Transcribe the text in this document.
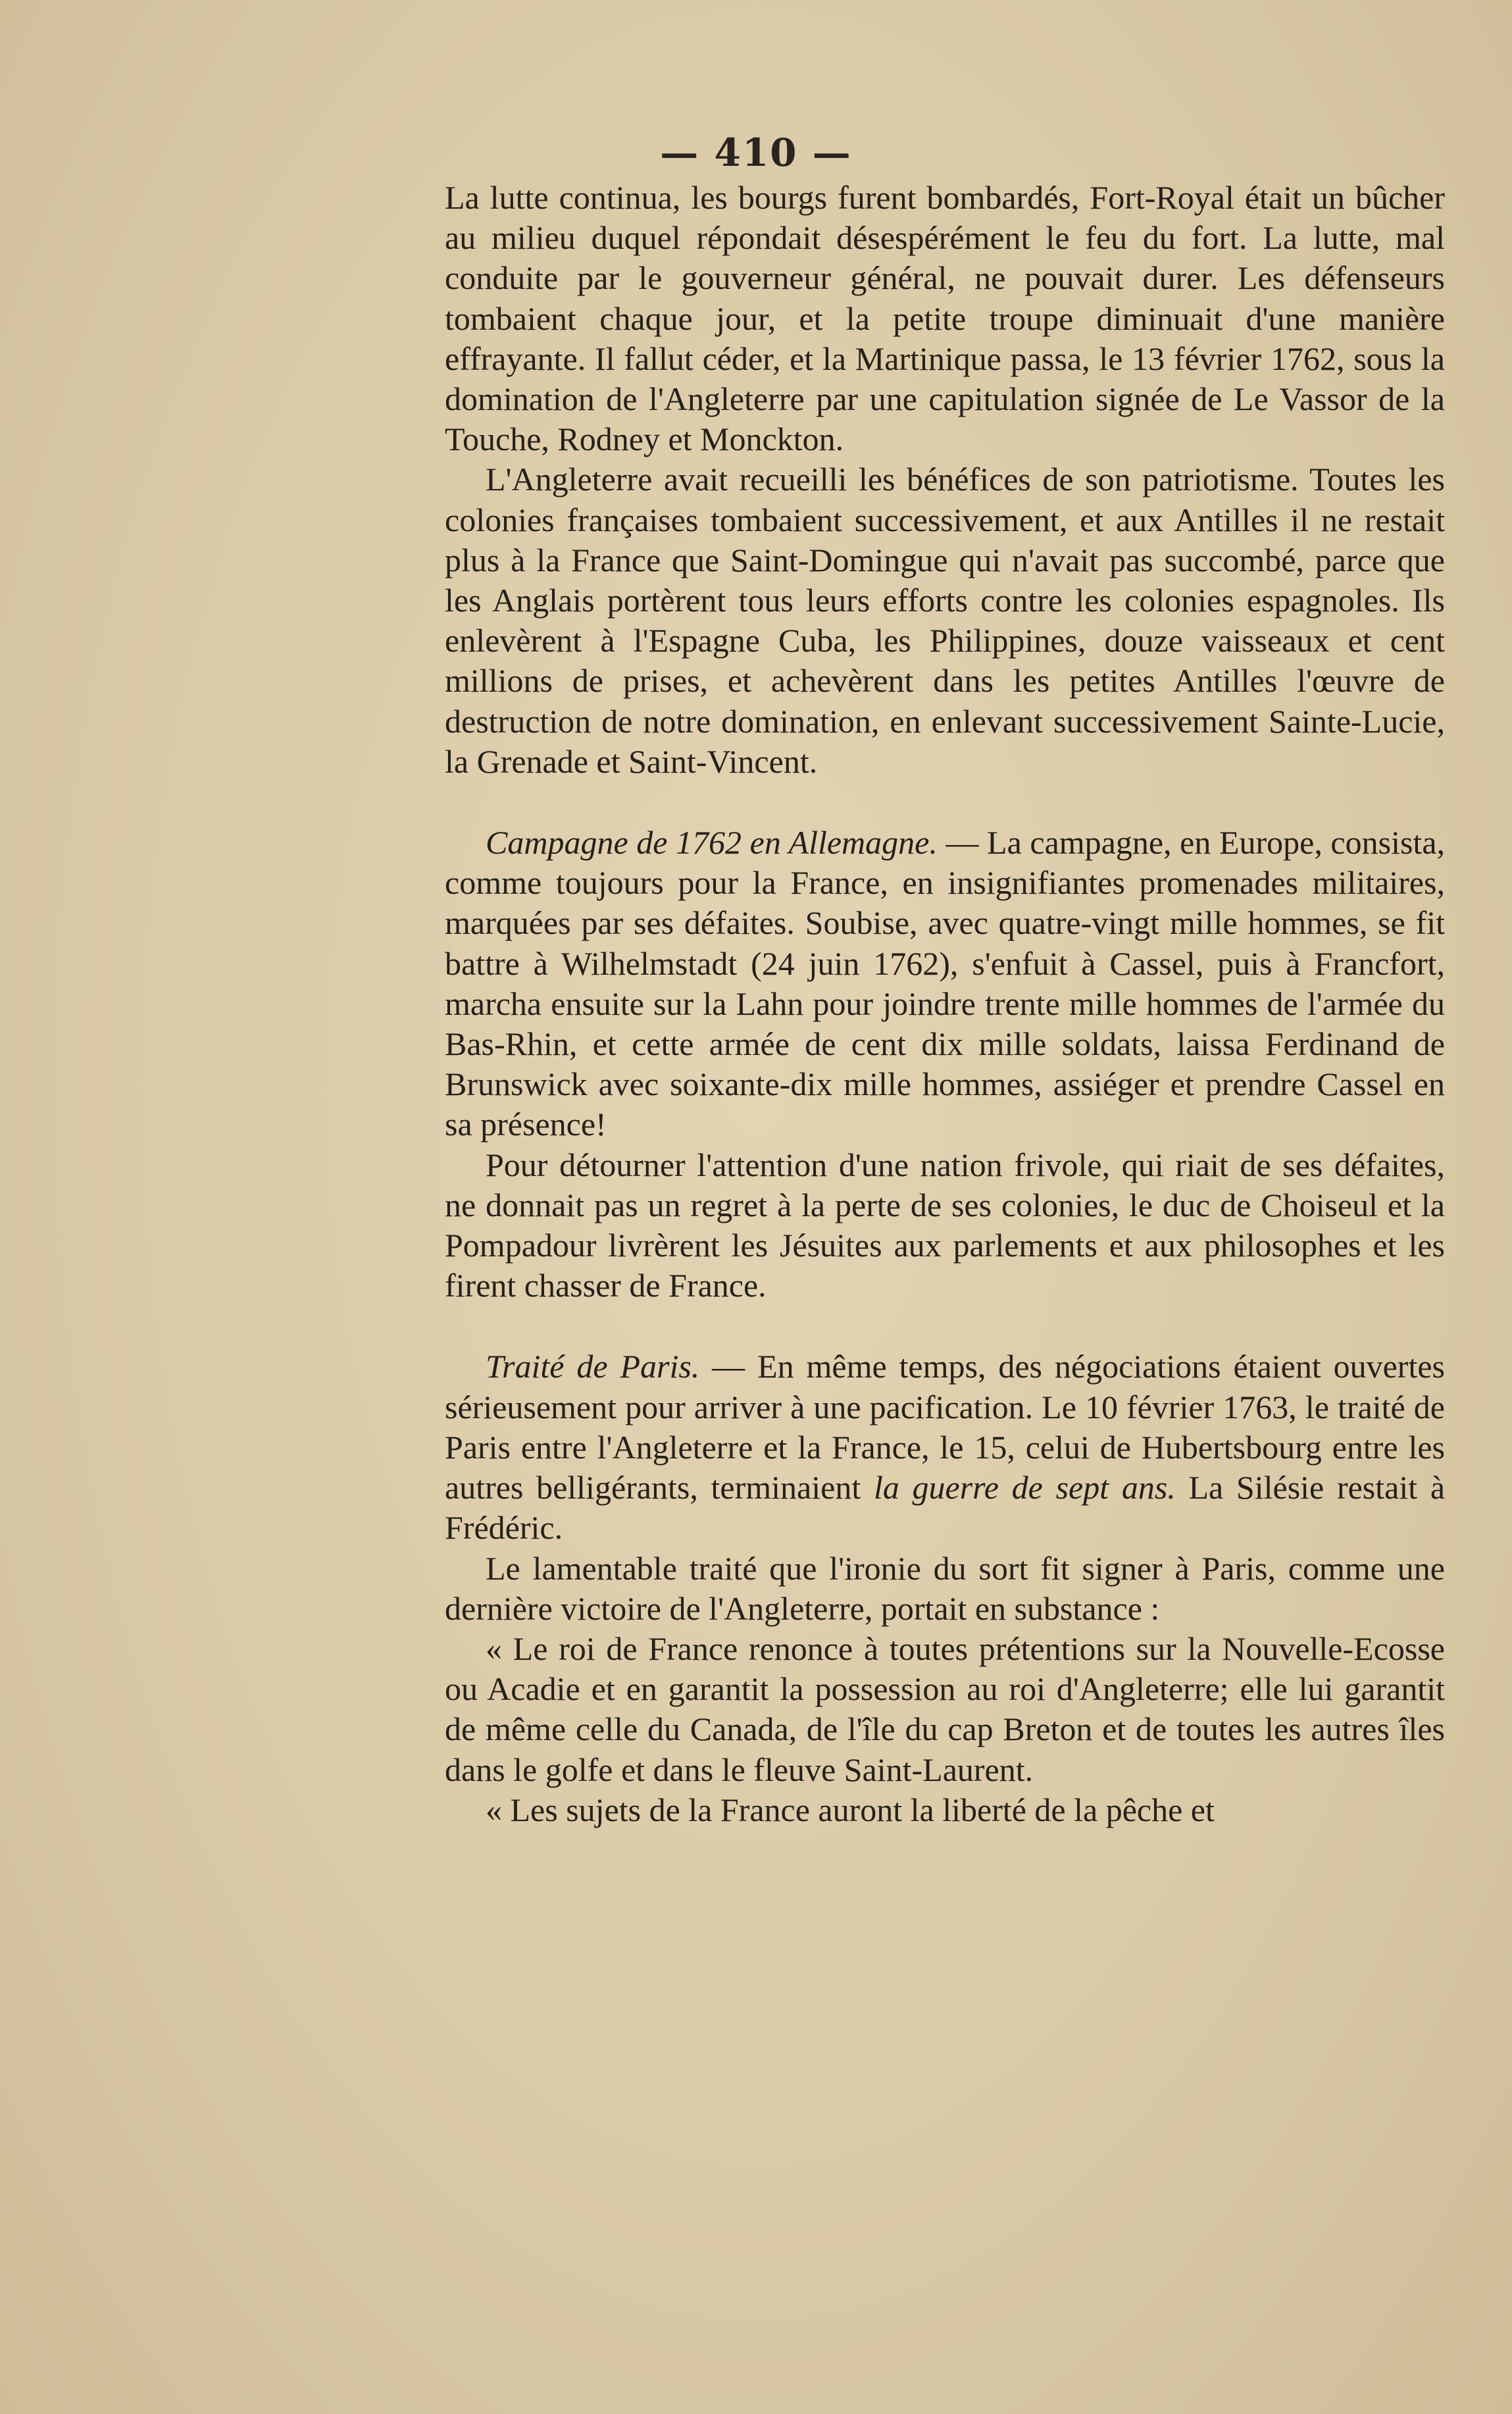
— 410 —

La lutte continua, les bourgs furent bombardés, Fort-Royal était un bûcher au milieu duquel répondait désespérément le feu du fort. La lutte, mal conduite par le gouverneur général, ne pouvait durer. Les défenseurs tombaient chaque jour, et la petite troupe diminuait d'une manière effrayante. Il fallut céder, et la Martinique passa, le 13 février 1762, sous la domination de l'Angleterre par une capitulation signée de Le Vassor de la Touche, Rodney et Monckton.

L'Angleterre avait recueilli les bénéfices de son patriotisme. Toutes les colonies françaises tombaient successivement, et aux Antilles il ne restait plus à la France que Saint-Domingue qui n'avait pas succombé, parce que les Anglais portèrent tous leurs efforts contre les colonies espagnoles. Ils enlevèrent à l'Espagne Cuba, les Philippines, douze vaisseaux et cent millions de prises, et achevèrent dans les petites Antilles l'œuvre de destruction de notre domination, en enlevant successivement Sainte-Lucie, la Grenade et Saint-Vincent.

Campagne de 1762 en Allemagne. — La campagne, en Europe, consista, comme toujours pour la France, en insignifiantes promenades militaires, marquées par ses défaites. Soubise, avec quatre-vingt mille hommes, se fit battre à Wilhelmstadt (24 juin 1762), s'enfuit à Cassel, puis à Francfort, marcha ensuite sur la Lahn pour joindre trente mille hommes de l'armée du Bas-Rhin, et cette armée de cent dix mille soldats, laissa Ferdinand de Brunswick avec soixante-dix mille hommes, assiéger et prendre Cassel en sa présence!

Pour détourner l'attention d'une nation frivole, qui riait de ses défaites, ne donnait pas un regret à la perte de ses colonies, le duc de Choiseul et la Pompadour livrèrent les Jésuites aux parlements et aux philosophes et les firent chasser de France.

Traité de Paris. — En même temps, des négociations étaient ouvertes sérieusement pour arriver à une pacification. Le 10 février 1763, le traité de Paris entre l'Angleterre et la France, le 15, celui de Hubertsbourg entre les autres belligérants, terminaient la guerre de sept ans. La Silésie restait à Frédéric.

Le lamentable traité que l'ironie du sort fit signer à Paris, comme une dernière victoire de l'Angleterre, portait en substance :

« Le roi de France renonce à toutes prétentions sur la Nouvelle-Ecosse ou Acadie et en garantit la possession au roi d'Angleterre; elle lui garantit de même celle du Canada, de l'île du cap Breton et de toutes les autres îles dans le golfe et dans le fleuve Saint-Laurent.

« Les sujets de la France auront la liberté de la pêche et
